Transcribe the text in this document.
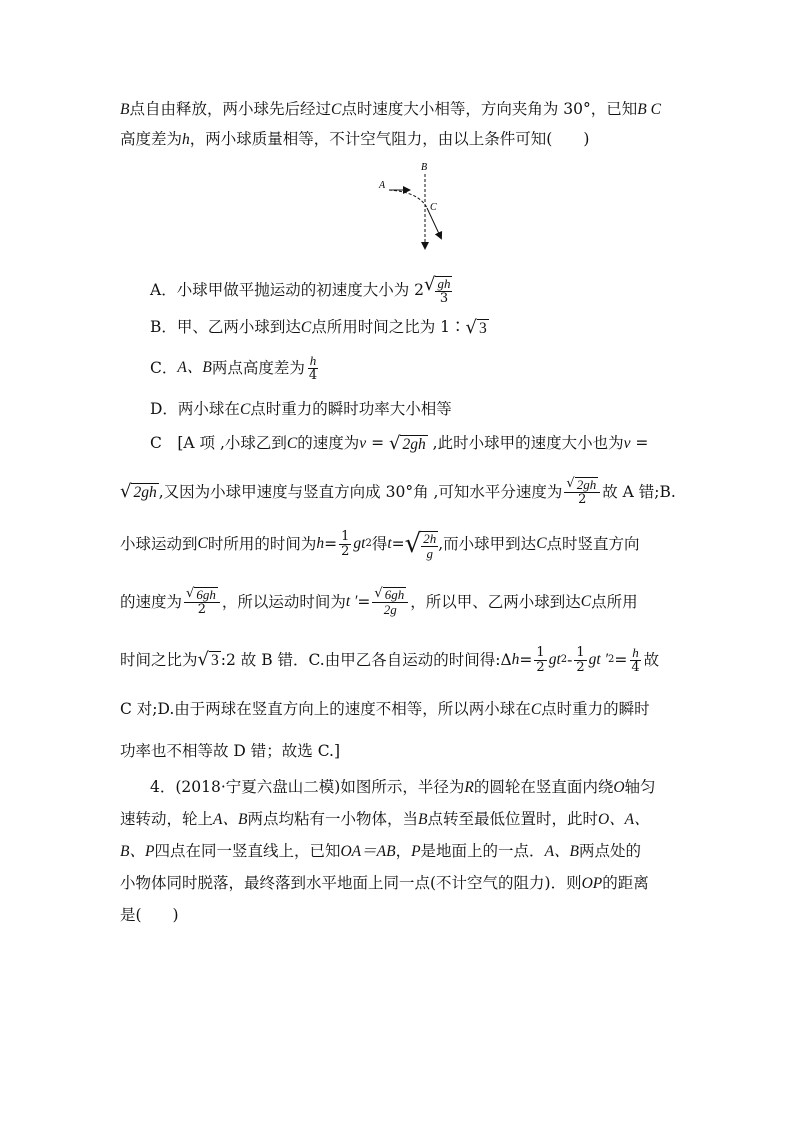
B点自由释放，两小球先后经过C点时速度大小相等，方向夹角为 30°，已知B C
高度差为h，两小球质量相等，不计空气阻力，由以上条件可知(　　)
B
A
C
A．小球甲做平抛运动的初速度大小为 2 √ $\frac{gh}{3}$
B．甲、乙两小球到达C点所用时间之比为 1∶ √ 3
C． A、B 两点高度差为 $\frac{h}{4}$
D．两小球在C点时重力的瞬时功率大小相等
C　[A 项 ,小球乙到C的速度为v = √ 2gh ,此时小球甲的速度大小也为v =
√ 2gh ,又因为小球甲速度与竖直方向成 30°角 ,可知水平分速度为 $\frac{√ 2gh}{2}$ 故 A 错;B.
小球运动到 C 时所用的时间为 $h = \frac{1}{2}$ gt 2 得 t = √ $\frac{2h}{g}$ ,而小球甲到达 C 点时竖直方向
的速度为 $\frac{√ 6gh}{2}$ ，所以运动时间为 t ′ = $\frac{√ 6gh}{2g}$ ，所以甲、乙两小球到达 C 点所用
时间之比为 √ 3 :2 故 B 错．C.由甲乙各自运动的时间得:Δ $h = \frac{1}{2}$ gt $2 - \frac{1}{2}$ gt ′ $2 = \frac{h}{4}$ 故
C 对;D.由于两球在竖直方向上的速度不相等，所以两小球在C点时重力的瞬时
功率也不相等故 D 错；故选 C.]
4．(2018·宁夏六盘山二模)如图所示，半径为R的圆轮在竖直面内绕O轴匀
速转动，轮上A、B两点均粘有一小物体，当B点转至最低位置时，此时O、A、
B、P四点在同一竖直线上，已知OA＝AB，P是地面上的一点．A、B两点处的
小物体同时脱落，最终落到水平地面上同一点(不计空气的阻力)．则OP的距离
是(　　)
